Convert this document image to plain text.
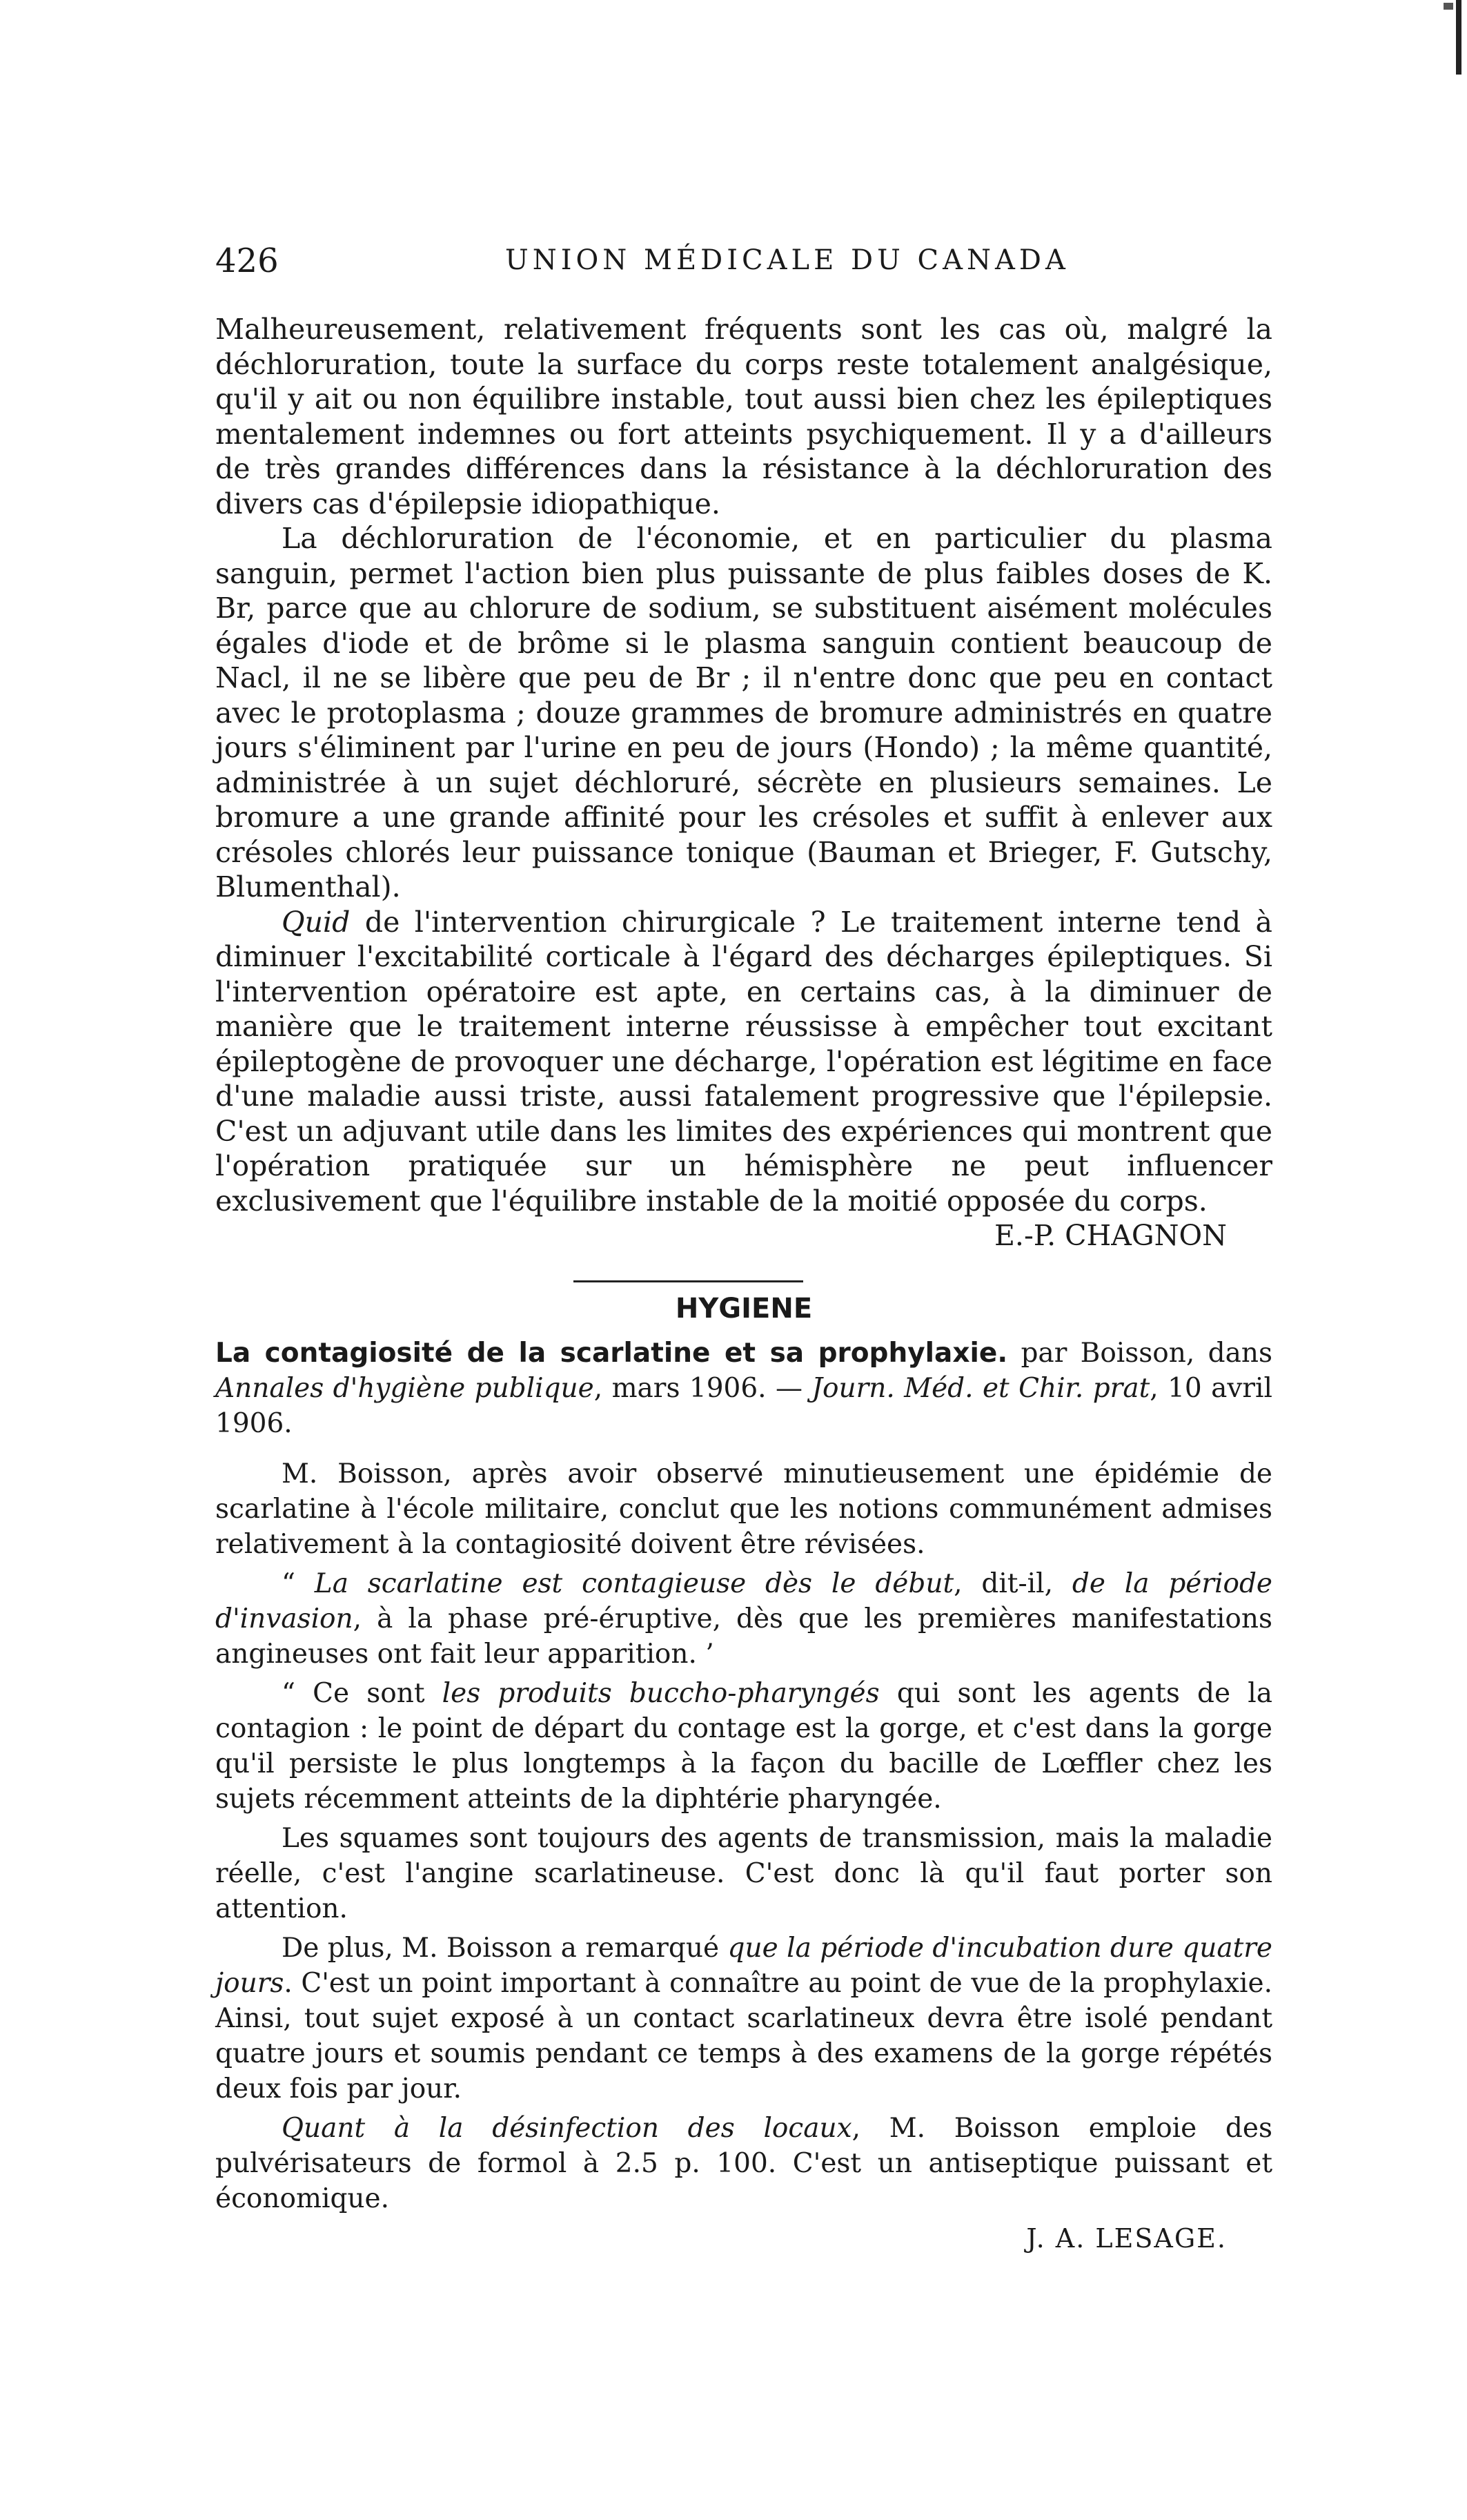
426	UNION MÉDICALE DU CANADA

Malheureusement, relativement fréquents sont les cas où, malgré la déchloruration, toute la surface du corps reste totalement analgésique, qu'il y ait ou non équilibre instable, tout aussi bien chez les épileptiques mentalement indemnes ou fort atteints psychiquement. Il y a d'ailleurs de très grandes différences dans la résistance à la déchloruration des divers cas d'épilepsie idiopathique.

La déchloruration de l'économie, et en particulier du plasma sanguin, permet l'action bien plus puissante de plus faibles doses de K. Br, parce que au chlorure de sodium, se substituent aisément molécules égales d'iode et de brôme si le plasma sanguin contient beaucoup de Nacl, il ne se libère que peu de Br ; il n'entre donc que peu en contact avec le protoplasma ; douze grammes de bromure administrés en quatre jours s'éliminent par l'urine en peu de jours (Hondo) ; la même quantité, administrée à un sujet déchloruré, sécrète en plusieurs semaines. Le bromure a une grande affinité pour les crésoles et suffit à enlever aux crésoles chlorés leur puissance tonique (Bauman et Brieger, F. Gutschy, Blumenthal).

Quid de l'intervention chirurgicale ? Le traitement interne tend à diminuer l'excitabilité corticale à l'égard des décharges épileptiques. Si l'intervention opératoire est apte, en certains cas, à la diminuer de manière que le traitement interne réussisse à empêcher tout excitant épileptogène de provoquer une décharge, l'opération est légitime en face d'une maladie aussi triste, aussi fatalement progressive que l'épilepsie. C'est un adjuvant utile dans les limites des expériences qui montrent que l'opération pratiquée sur un hémisphère ne peut influencer exclusivement que l'équilibre instable de la moitié opposée du corps.

E.-P. CHAGNON
HYGIENE

La contagiosité de la scarlatine et sa prophylaxie. par Boisson, dans Annales d'hygiène publique, mars 1906. — Journ. Méd. et Chir. prat, 10 avril 1906.

M. Boisson, après avoir observé minutieusement une épidémie de scarlatine à l'école militaire, conclut que les notions communément admises relativement à la contagiosité doivent être révisées.

“ La scarlatine est contagieuse dès le début, dit-il, de la période d'invasion, à la phase pré-éruptive, dès que les premières manifestations angineuses ont fait leur apparition. ’

“ Ce sont les produits buccho-pharyngés qui sont les agents de la contagion : le point de départ du contage est la gorge, et c'est dans la gorge qu'il persiste le plus longtemps à la façon du bacille de Lœffler chez les sujets récemment atteints de la diphtérie pharyngée.

Les squames sont toujours des agents de transmission, mais la maladie réelle, c'est l'angine scarlatineuse. C'est donc là qu'il faut porter son attention.

De plus, M. Boisson a remarqué que la période d'incubation dure quatre jours. C'est un point important à connaître au point de vue de la prophylaxie. Ainsi, tout sujet exposé à un contact scarlatineux devra être isolé pendant quatre jours et soumis pendant ce temps à des examens de la gorge répétés deux fois par jour.

Quant à la désinfection des locaux, M. Boisson emploie des pulvérisateurs de formol à 2.5 p. 100. C'est un antiseptique puissant et économique.

J. A. LESAGE.
